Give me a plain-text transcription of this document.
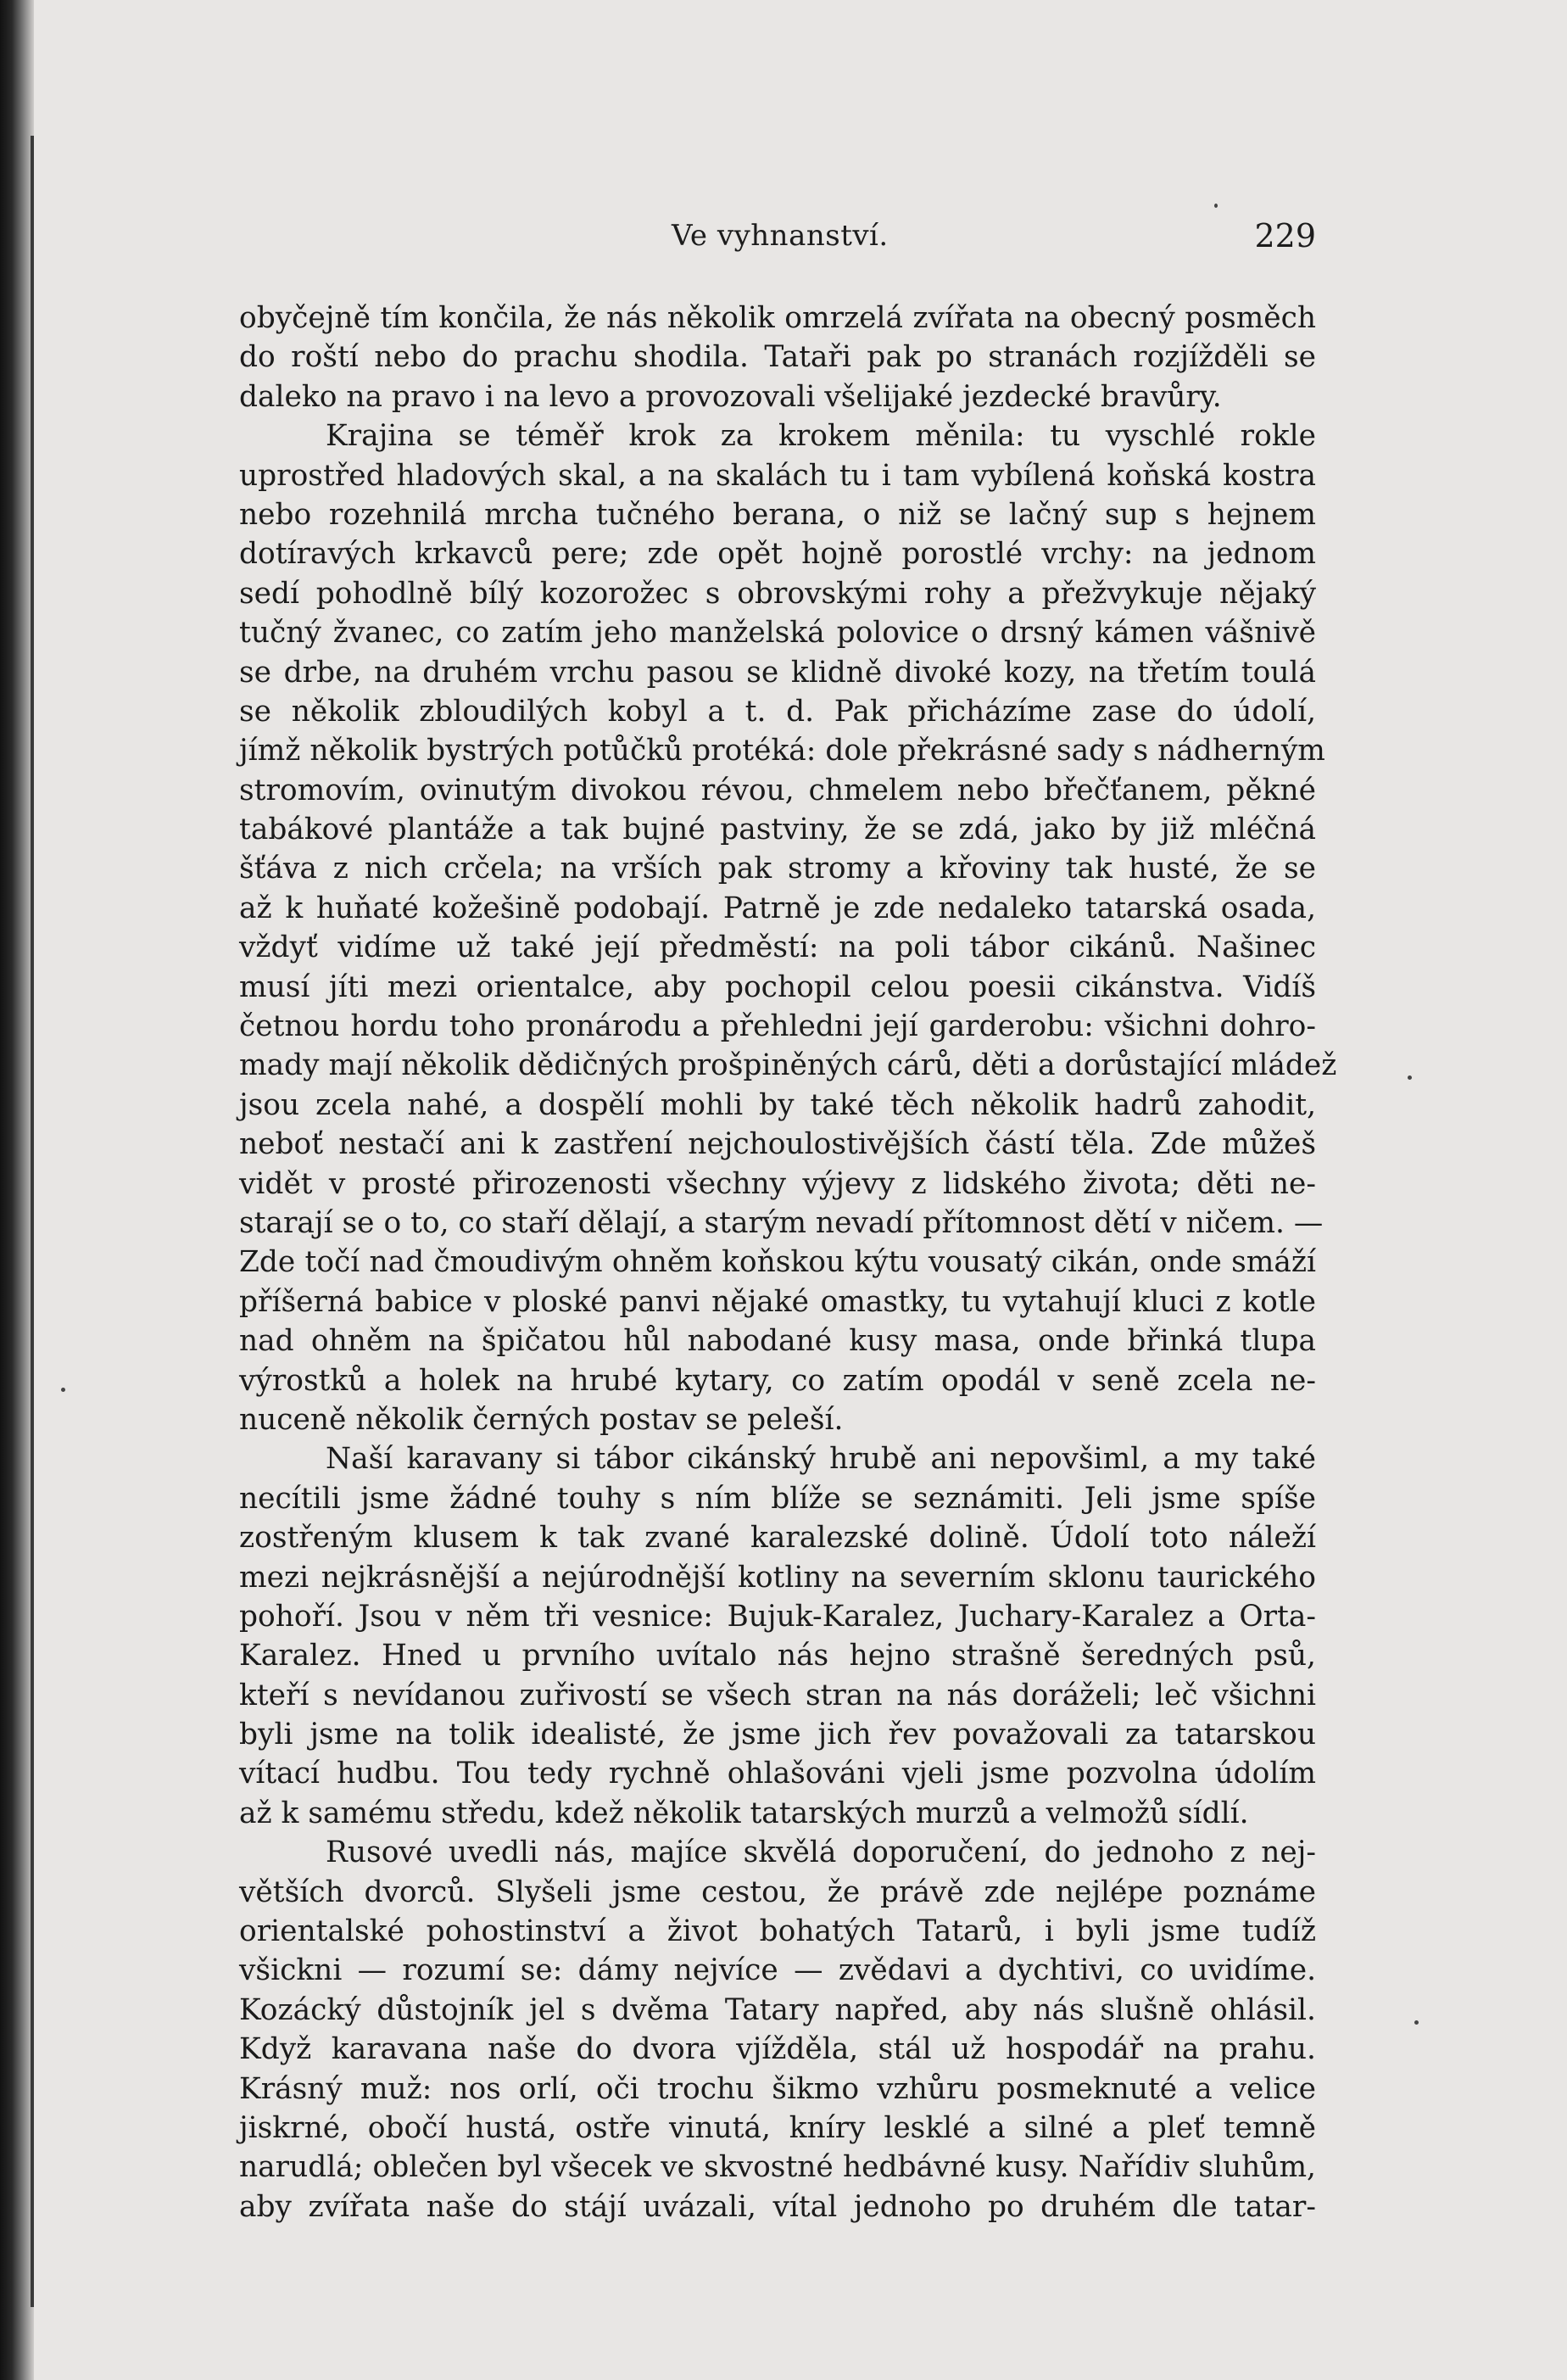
Ve vyhnanství.	229
obyčejně tím končila, že nás několik omrzelá zvířata na obecný posměch
do roští nebo do prachu shodila. Tataři pak po stranách rozjížděli se
daleko na pravo i na levo a provozovali všelijaké jezdecké bravůry.
Krajina se téměř krok za krokem měnila: tu vyschlé rokle
uprostřed hladových skal, a na skalách tu i tam vybílená koňská kostra
nebo rozehnilá mrcha tučného berana, o niž se lačný sup s hejnem
dotíravých krkavců pere; zde opět hojně porostlé vrchy: na jednom
sedí pohodlně bílý kozorožec s obrovskými rohy a přežvykuje nějaký
tučný žvanec, co zatím jeho manželská polovice o drsný kámen vášnivě
se drbe, na druhém vrchu pasou se klidně divoké kozy, na třetím toulá
se několik zbloudilých kobyl a t. d. Pak přicházíme zase do údolí,
jímž několik bystrých potůčků protéká: dole překrásné sady s nádherným
stromovím, ovinutým divokou révou, chmelem nebo břečťanem, pěkné
tabákové plantáže a tak bujné pastviny, že se zdá, jako by již mléčná
šťáva z nich crčela; na vrších pak stromy a křoviny tak husté, že se
až k huňaté kožešině podobají. Patrně je zde nedaleko tatarská osada,
vždyť vidíme už také její předměstí: na poli tábor cikánů. Našinec
musí jíti mezi orientalce, aby pochopil celou poesii cikánstva. Vidíš
četnou hordu toho pronárodu a přehledni její garderobu: všichni dohro-
mady mají několik dědičných prošpiněných cárů, děti a dorůstající mládež
jsou zcela nahé, a dospělí mohli by také těch několik hadrů zahodit,
neboť nestačí ani k zastření nejchoulostivějších částí těla. Zde můžeš
vidět v prosté přirozenosti všechny výjevy z lidského života; děti ne-
starají se o to, co staří dělají, a starým nevadí přítomnost dětí v ničem. —
Zde točí nad čmoudivým ohněm koňskou kýtu vousatý cikán, onde smáží
příšerná babice v ploské panvi nějaké omastky, tu vytahují kluci z kotle
nad ohněm na špičatou hůl nabodané kusy masa, onde břinká tlupa
výrostků a holek na hrubé kytary, co zatím opodál v seně zcela ne-
nuceně několik černých postav se peleší.
Naší karavany si tábor cikánský hrubě ani nepovšiml, a my také
necítili jsme žádné touhy s ním blíže se seznámiti. Jeli jsme spíše
zostřeným klusem k tak zvané karalezské dolině. Údolí toto náleží
mezi nejkrásnější a nejúrodnější kotliny na severním sklonu taurického
pohoří. Jsou v něm tři vesnice: Bujuk-Karalez, Juchary-Karalez a Orta-
Karalez. Hned u prvního uvítalo nás hejno strašně šeredných psů,
kteří s nevídanou zuřivostí se všech stran na nás doráželi; leč všichni
byli jsme na tolik idealisté, že jsme jich řev považovali za tatarskou
vítací hudbu. Tou tedy rychně ohlašováni vjeli jsme pozvolna údolím
až k samému středu, kdež několik tatarských murzů a velmožů sídlí.
Rusové uvedli nás, majíce skvělá doporučení, do jednoho z nej-
větších dvorců. Slyšeli jsme cestou, že právě zde nejlépe poznáme
orientalské pohostinství a život bohatých Tatarů, i byli jsme tudíž
všickni — rozumí se: dámy nejvíce — zvědavi a dychtivi, co uvidíme.
Kozácký důstojník jel s dvěma Tatary napřed, aby nás slušně ohlásil.
Když karavana naše do dvora vjížděla, stál už hospodář na prahu.
Krásný muž: nos orlí, oči trochu šikmo vzhůru posmeknuté a velice
jiskrné, obočí hustá, ostře vinutá, kníry lesklé a silné a pleť temně
narudlá; oblečen byl všecek ve skvostné hedbávné kusy. Nařídiv sluhům,
aby zvířata naše do stájí uvázali, vítal jednoho po druhém dle tatar-
